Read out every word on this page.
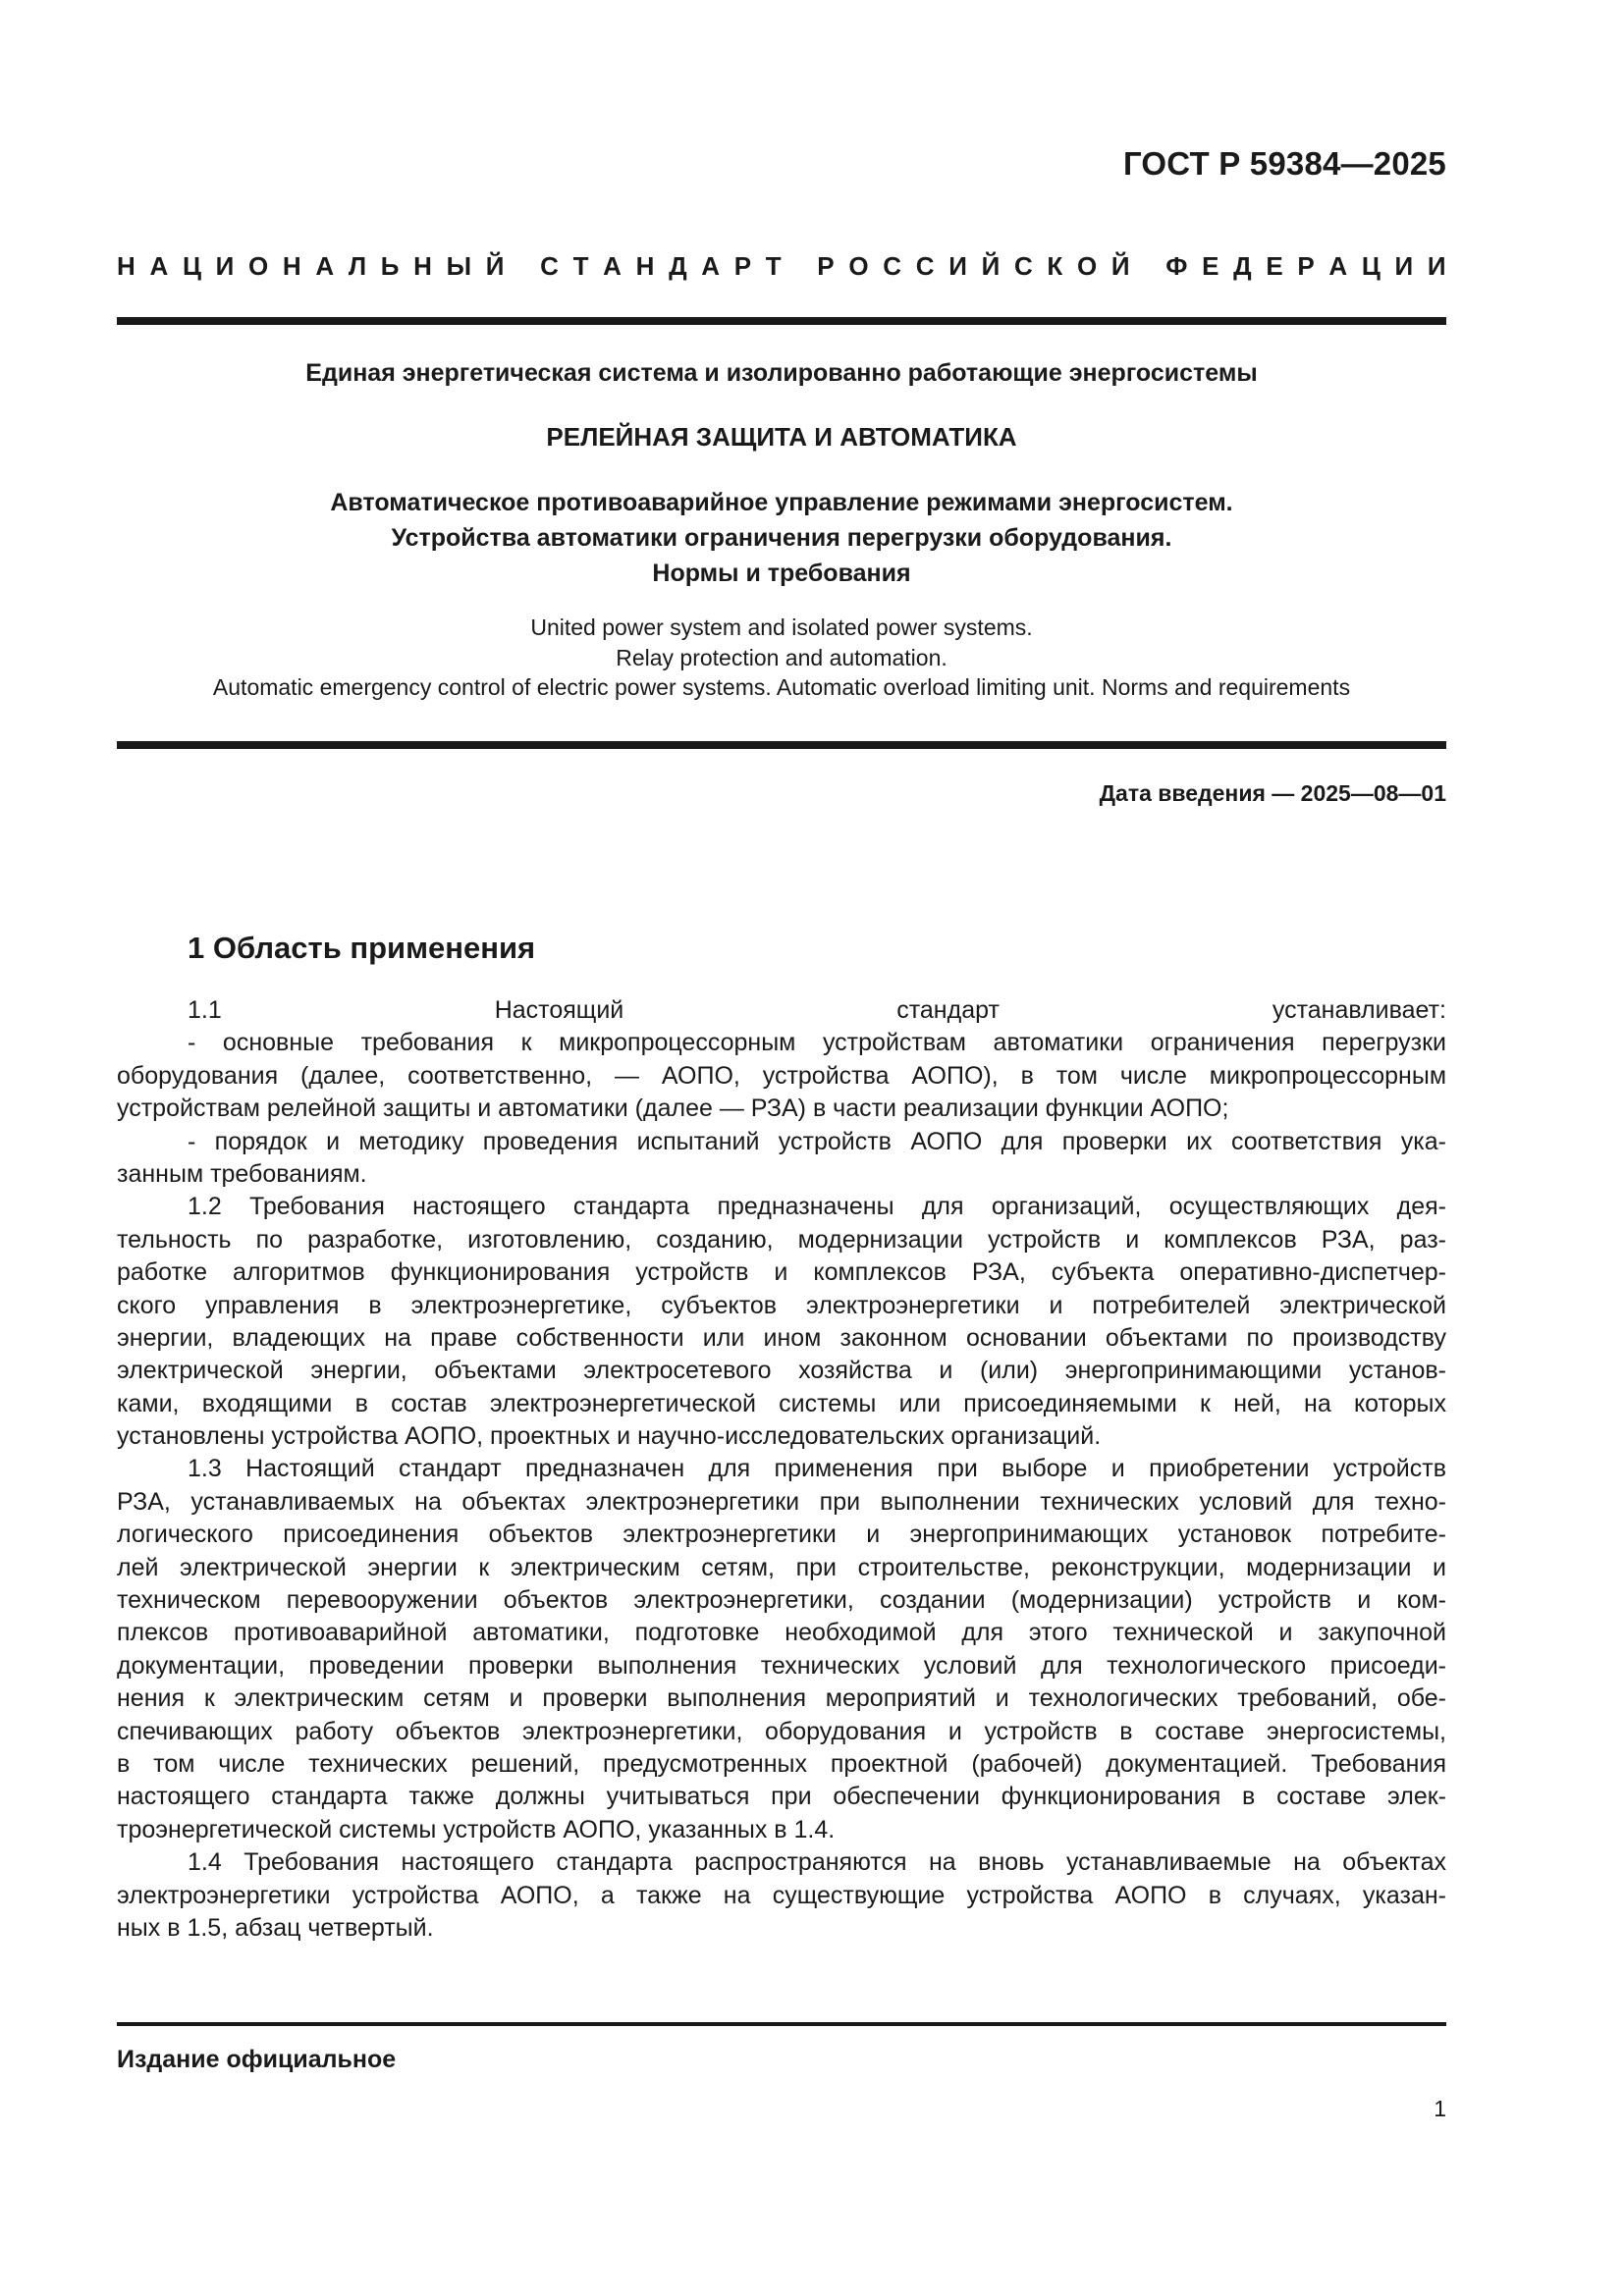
ГОСТ Р 59384—2025
Н А Ц И О Н А Л Ь Н Ы Й
С Т А Н Д А Р Т
Р О С С И Й С К О Й
Ф Е Д Е Р А Ц И И
Единая энергетическая система и изолированно работающие энергосистемы
РЕЛЕЙНАЯ ЗАЩИТА И АВТОМАТИКА
Автоматическое противоаварийное управление режимами энергосистем.
Устройства автоматики ограничения перегрузки оборудования.
Нормы и требования
United power system and isolated power systems.
Relay protection and automation.
Automatic emergency control of electric power systems. Automatic overload limiting unit. Norms and requirements
Дата введения — 2025—08—01
1 Область применения
1.1 Настоящий стандарт устанавливает:
- основные требования к микропроцессорным устройствам автоматики ограничения перегрузки
оборудования (далее, соответственно, — АОПО, устройства АОПО), в том числе микропроцессорным
устройствам релейной защиты и автоматики (далее — РЗА) в части реализации функции АОПО;
- порядок и методику проведения испытаний устройств АОПО для проверки их соответствия ука-
занным требованиям.
1.2 Требования настоящего стандарта предназначены для организаций, осуществляющих дея-
тельность по разработке, изготовлению, созданию, модернизации устройств и комплексов РЗА, раз-
работке алгоритмов функционирования устройств и комплексов РЗА, субъекта оперативно-диспетчер-
ского управления в электроэнергетике, субъектов электроэнергетики и потребителей электрической
энергии, владеющих на праве собственности или ином законном основании объектами по производству
электрической энергии, объектами электросетевого хозяйства и (или) энергопринимающими установ-
ками, входящими в состав электроэнергетической системы или присоединяемыми к ней, на которых
установлены устройства АОПО, проектных и научно-исследовательских организаций.
1.3 Настоящий стандарт предназначен для применения при выборе и приобретении устройств
РЗА, устанавливаемых на объектах электроэнергетики при выполнении технических условий для техно-
логического присоединения объектов электроэнергетики и энергопринимающих установок потребите-
лей электрической энергии к электрическим сетям, при строительстве, реконструкции, модернизации и
техническом перевооружении объектов электроэнергетики, создании (модернизации) устройств и ком-
плексов противоаварийной автоматики, подготовке необходимой для этого технической и закупочной
документации, проведении проверки выполнения технических условий для технологического присоеди-
нения к электрическим сетям и проверки выполнения мероприятий и технологических требований, обе-
спечивающих работу объектов электроэнергетики, оборудования и устройств в составе энергосистемы,
в том числе технических решений, предусмотренных проектной (рабочей) документацией. Требования
настоящего стандарта также должны учитываться при обеспечении функционирования в составе элек-
троэнергетической системы устройств АОПО, указанных в 1.4.
1.4 Требования настоящего стандарта распространяются на вновь устанавливаемые на объектах
электроэнергетики устройства АОПО, а также на существующие устройства АОПО в случаях, указан-
ных в 1.5, абзац четвертый.
Издание официальное
1
